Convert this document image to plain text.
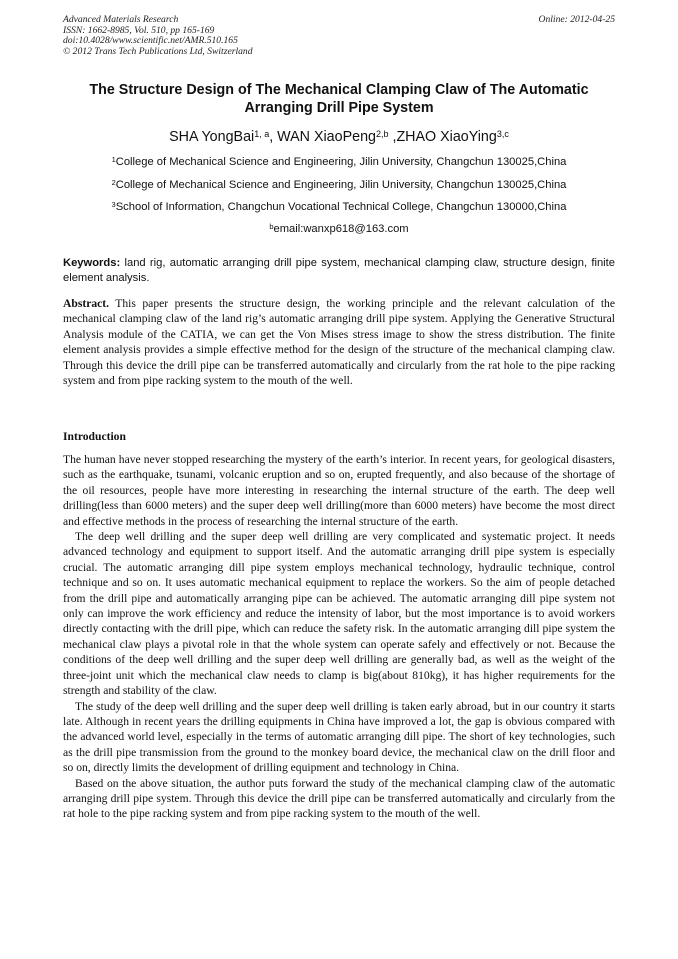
Advanced Materials Research
ISSN: 1662-8985, Vol. 510, pp 165-169
doi:10.4028/www.scientific.net/AMR.510.165
© 2012 Trans Tech Publications Ltd, Switzerland
Online: 2012-04-25
The Structure Design of The Mechanical Clamping Claw of The Automatic Arranging Drill Pipe System
SHA YongBai$^{1, a}$, WAN XiaoPeng$^{2,b}$ ,ZHAO XiaoYing$^{3,c}$
$^1$College of Mechanical Science and Engineering, Jilin University, Changchun 130025,China
$^2$College of Mechanical Science and Engineering, Jilin University, Changchun 130025,China
$^3$School of Information, Changchun Vocational Technical College, Changchun 130000,China
$^b$email:wanxp618@163.com
Keywords: land rig, automatic arranging drill pipe system, mechanical clamping claw, structure design, finite element analysis.
Abstract. This paper presents the structure design, the working principle and the relevant calculation of the mechanical clamping claw of the land rig’s automatic arranging drill pipe system. Applying the Generative Structural Analysis module of the CATIA, we can get the Von Mises stress image to show the stress distribution. The finite element analysis provides a simple effective method for the design of the structure of the mechanical clamping claw. Through this device the drill pipe can be transferred automatically and circularly from the rat hole to the pipe racking system and from pipe racking system to the mouth of the well.
Introduction

The human have never stopped researching the mystery of the earth’s interior. In recent years, for geological disasters, such as the earthquake, tsunami, volcanic eruption and so on, erupted frequently, and also because of the shortage of the oil resources, people have more interesting in researching the internal structure of the earth. The deep well drilling(less than 6000 meters) and the super deep well drilling(more than 6000 meters) have become the most direct and effective methods in the process of researching the internal structure of the earth.

The deep well drilling and the super deep well drilling are very complicated and systematic project. It needs advanced technology and equipment to support itself. And the automatic arranging drill pipe system is especially crucial. The automatic arranging dill pipe system employs mechanical technology, hydraulic technique, control technique and so on. It uses automatic mechanical equipment to replace the workers. So the aim of people detached from the drill pipe and automatically arranging pipe can be achieved. The automatic arranging dill pipe system not only can improve the work efficiency and reduce the intensity of labor, but the most importance is to avoid workers directly contacting with the drill pipe, which can reduce the safety risk. In the automatic arranging dill pipe system the mechanical claw plays a pivotal role in that the whole system can operate safely and effectively or not. Because the conditions of the deep well drilling and the super deep well drilling are generally bad, as well as the weight of the three-joint unit which the mechanical claw needs to clamp is big(about 810kg), it has higher requirements for the strength and stability of the claw.

The study of the deep well drilling and the super deep well drilling is taken early abroad, but in our country it starts late. Although in recent years the drilling equipments in China have improved a lot, the gap is obvious compared with the advanced world level, especially in the terms of automatic arranging dill pipe. The short of key technologies, such as the drill pipe transmission from the ground to the monkey board device, the mechanical claw on the drill floor and so on, directly limits the development of drilling equipment and technology in China.

Based on the above situation, the author puts forward the study of the mechanical clamping claw of the automatic arranging drill pipe system. Through this device the drill pipe can be transferred automatically and circularly from the rat hole to the pipe racking system and from pipe racking system to the mouth of the well.
